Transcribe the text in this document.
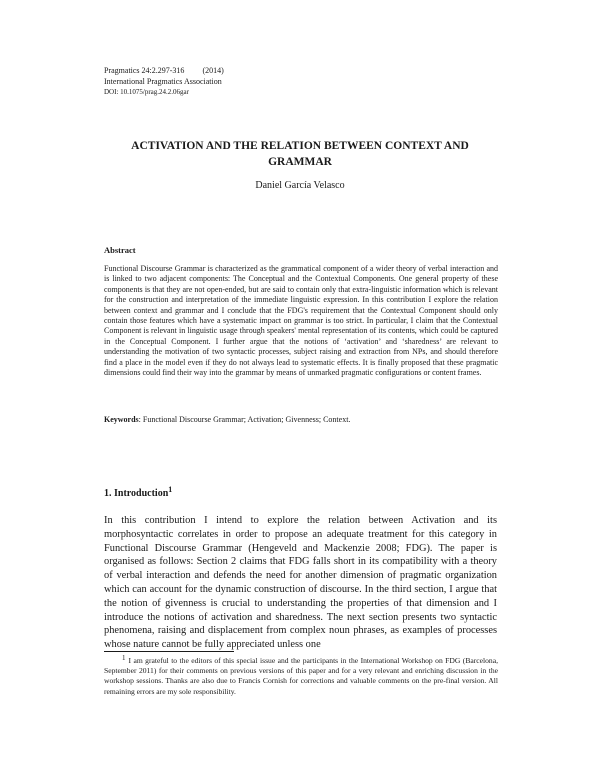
Pragmatics 24:2.297-316 (2014)
International Pragmatics Association
DOI: 10.1075/prag.24.2.06gar
ACTIVATION AND THE RELATION BETWEEN CONTEXT AND GRAMMAR
Daniel García Velasco
Abstract
Functional Discourse Grammar is characterized as the grammatical component of a wider theory of verbal interaction and is linked to two adjacent components: The Conceptual and the Contextual Components. One general property of these components is that they are not open-ended, but are said to contain only that extra-linguistic information which is relevant for the construction and interpretation of the immediate linguistic expression. In this contribution I explore the relation between context and grammar and I conclude that the FDG's requirement that the Contextual Component should only contain those features which have a systematic impact on grammar is too strict. In particular, I claim that the Contextual Component is relevant in linguistic usage through speakers' mental representation of its contents, which could be captured in the Conceptual Component. I further argue that the notions of ‘activation’ and ‘sharedness’ are relevant to understanding the motivation of two syntactic processes, subject raising and extraction from NPs, and should therefore find a place in the model even if they do not always lead to systematic effects. It is finally proposed that these pragmatic dimensions could find their way into the grammar by means of unmarked pragmatic configurations or content frames.
Keywords: Functional Discourse Grammar; Activation; Givenness; Context.
1. Introduction$^1$
In this contribution I intend to explore the relation between Activation and its morphosyntactic correlates in order to propose an adequate treatment for this category in Functional Discourse Grammar (Hengeveld and Mackenzie 2008; FDG). The paper is organised as follows: Section 2 claims that FDG falls short in its compatibility with a theory of verbal interaction and defends the need for another dimension of pragmatic organization which can account for the dynamic construction of discourse. In the third section, I argue that the notion of givenness is crucial to understanding the properties of that dimension and I introduce the notions of activation and sharedness. The next section presents two syntactic phenomena, raising and displacement from complex noun phrases, as examples of processes whose nature cannot be fully appreciated unless one
$^1$ I am grateful to the editors of this special issue and the participants in the International Workshop on FDG (Barcelona, September 2011) for their comments on previous versions of this paper and for a very relevant and enriching discussion in the workshop sessions. Thanks are also due to Francis Cornish for corrections and valuable comments on the pre-final version. All remaining errors are my sole responsibility.
